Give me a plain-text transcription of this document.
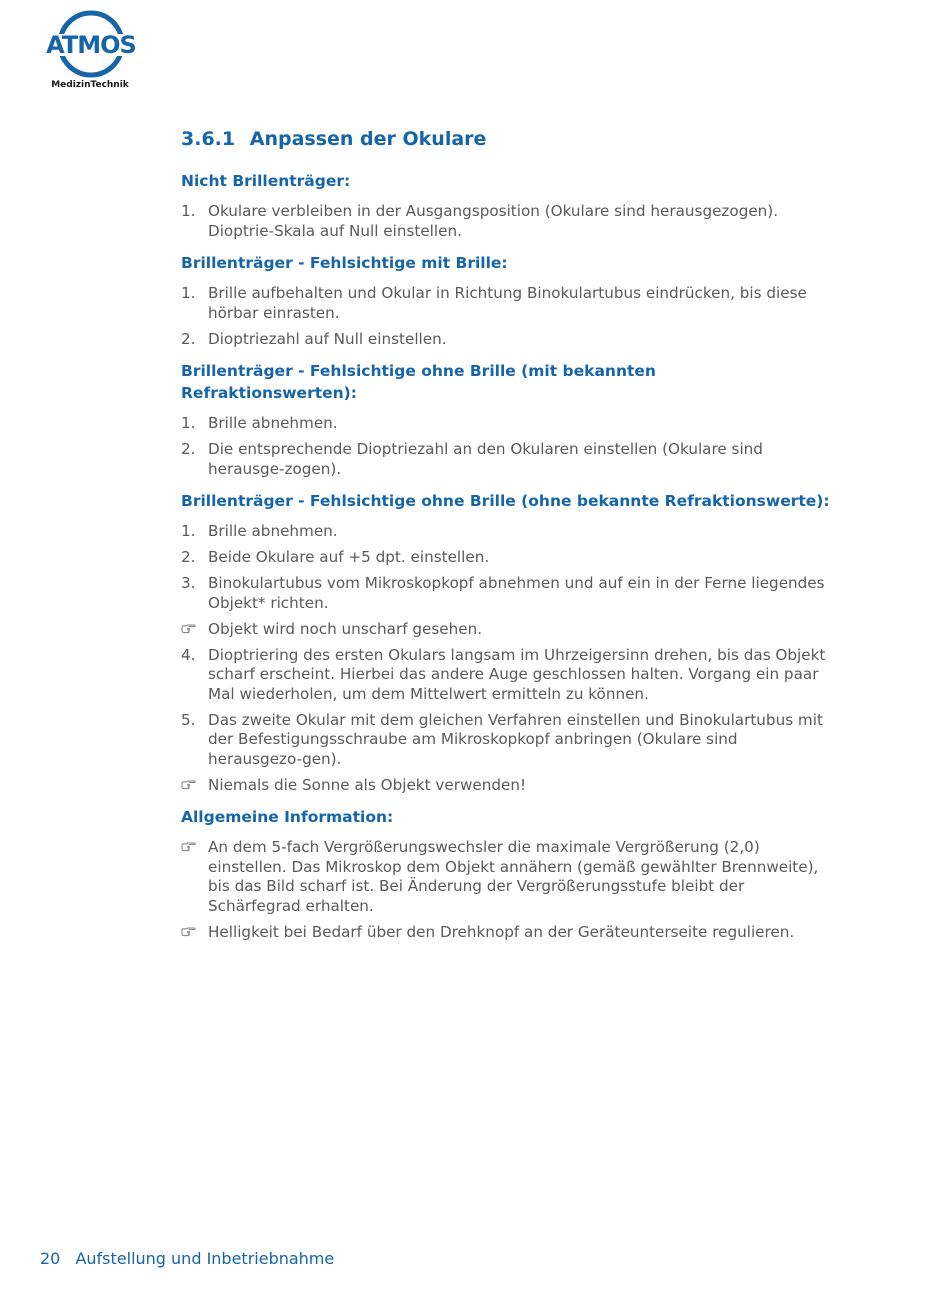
ATMOS
MedizinTechnik
3.6.1 Anpassen der Okulare
Nicht Brillenträger:
1. Okulare verbleiben in der Ausgangsposition (Okulare sind herausgezogen). Dioptrie-Skala auf Null einstellen.
Brillenträger - Fehlsichtige mit Brille:
1. Brille aufbehalten und Okular in Richtung Binokulartubus eindrücken, bis diese hörbar einrasten.
2. Dioptriezahl auf Null einstellen.
Brillenträger - Fehlsichtige ohne Brille (mit bekannten Refraktionswerten):
1. Brille abnehmen.
2. Die entsprechende Dioptriezahl an den Okularen einstellen (Okulare sind herausge-zogen).
Brillenträger - Fehlsichtige ohne Brille (ohne bekannte Refraktionswerte):
1. Brille abnehmen.
2. Beide Okulare auf +5 dpt. einstellen.
3. Binokulartubus vom Mikroskopkopf abnehmen und auf ein in der Ferne liegendes Objekt* richten.
Objekt wird noch unscharf gesehen.
4. Dioptriering des ersten Okulars langsam im Uhrzeigersinn drehen, bis das Objekt scharf erscheint. Hierbei das andere Auge geschlossen halten. Vorgang ein paar Mal wiederholen, um dem Mittelwert ermitteln zu können.
5. Das zweite Okular mit dem gleichen Verfahren einstellen und Binokulartubus mit der Befestigungsschraube am Mikroskopkopf anbringen (Okulare sind herausgezo-gen).
Niemals die Sonne als Objekt verwenden!
Allgemeine Information:
An dem 5-fach Vergrößerungswechsler die maximale Vergrößerung (2,0) einstellen. Das Mikroskop dem Objekt annähern (gemäß gewählter Brennweite), bis das Bild scharf ist. Bei Änderung der Vergrößerungsstufe bleibt der Schärfegrad erhalten.
Helligkeit bei Bedarf über den Drehknopf an der Geräteunterseite regulieren.
20 Aufstellung und Inbetriebnahme
